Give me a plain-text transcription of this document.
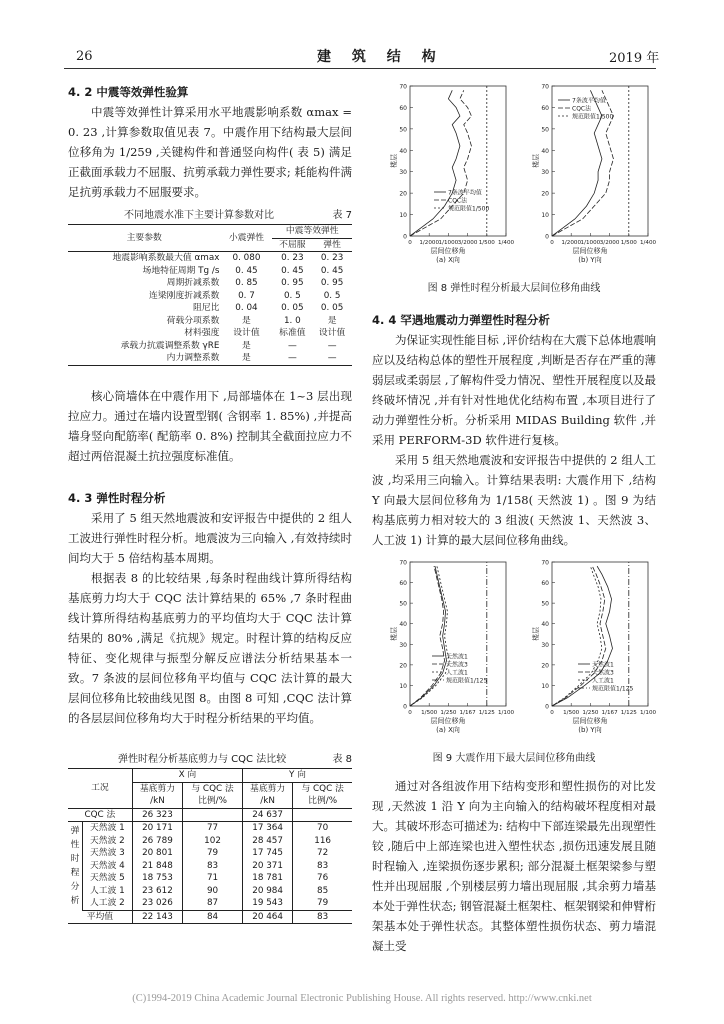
26	建 筑 结 构	2019 年
4. 2 中震等效弹性验算

中震等效弹性计算采用水平地震影响系数 αmax = 0. 23 ,计算参数取值见表 7。中震作用下结构最大层间位移角为 1/259 ,关键构件和普通竖向构件( 表 5) 满足正截面承载力不屈服、抗剪承载力弹性要求; 耗能构件满足抗剪承载力不屈服要求。

不同地震水准下主要计算参数对比	表 7
主要参数	小震弹性	中震等效弹性	
		不屈服	弹性
地震影响系数最大值 αmax	0. 080	0. 23	0. 23
场地特征周期 Tg /s	0. 45	0. 45	0. 45
周期折减系数	0. 85	0. 95	0. 95
连梁刚度折减系数	0. 7	0. 5	0. 5
阻尼比	0. 04	0. 05	0. 05
荷载分项系数	是	1. 0	是
材料强度	设计值	标准值	设计值
承载力抗震调整系数 γRE	是	—	—
内力调整系数	是	—	—

核心筒墙体在中震作用下 ,局部墙体在 1~3 层出现拉应力。通过在墙内设置型钢( 含钢率 1. 85%) ,并提高墙身竖向配筋率( 配筋率 0. 8%) 控制其全截面拉应力不超过两倍混凝土抗拉强度标准值。

4. 3 弹性时程分析

采用了 5 组天然地震波和安评报告中提供的 2 组人工波进行弹性时程分析。地震波为三向输入 ,有效持续时间均大于 5 倍结构基本周期。

根据表 8 的比较结果 ,每条时程曲线计算所得结构基底剪力均大于 CQC 法计算结果的 65% ,7 条时程曲线计算所得结构基底剪力的平均值均大于 CQC 法计算结果的 80% ,满足《抗规》规定。时程计算的结构反应特征、变化规律与振型分解反应谱法分析结果基本一致。7 条波的层间位移角平均值与 CQC 法计算的最大层间位移角比较曲线见图 8。由图 8 可知 ,CQC 法计算的各层层间位移角均大于时程分析结果的平均值。

弹性时程分析基底剪力与 CQC 法比较	表 8
工况		X 向		Y 向	
		基底剪力	与 CQC 法	基底剪力	与 CQC 法
		/kN	比例/%	/kN	比例/%
CQC 法		26 323		24 637	
弹性时程分析	天然波 1	20 171	77	17 364	70
	天然波 2	26 789	102	28 457	116
	天然波 3	20 801	79	17 745	72
	天然波 4	21 848	83	20 371	83
	天然波 5	18 753	71	18 781	76
	人工波 1	23 612	90	20 984	85
	人工波 2	23 026	87	19 543	79
平均值		22 143	84	20 464	83
0
10
20
30
40
50
60
70
0 1/2000 1/1000 3/2000 1/500 1/400
楼层
层间位移角
(a) X向
7条波平均值
CQC法
规范限值1/500
0
10
20
30
40
50
60
70
0 1/2000 1/1000 3/2000 1/500 1/400
楼层
层间位移角
(b) Y向
7条波平均值
CQC法
规范限值1/500
图 8 弹性时程分析最大层间位移角曲线
4. 4 罕遇地震动力弹塑性时程分析

为保证实现性能目标 ,评价结构在大震下总体地震响应以及结构总体的塑性开展程度 ,判断是否存在严重的薄弱层或柔弱层 ,了解构件受力情况、塑性开展程度以及最终破坏情况 ,并有针对性地优化结构布置 ,本项目进行了动力弹塑性分析。分析采用 MIDAS Building 软件 ,并采用 PERFORM-3D 软件进行复核。

采用 5 组天然地震波和安评报告中提供的 2 组人工波 ,均采用三向输入。计算结果表明: 大震作用下 ,结构 Y 向最大层间位移角为 1/158( 天然波 1) 。图 9 为结构基底剪力相对较大的 3 组波( 天然波 1、天然波 3、人工波 1) 计算的最大层间位移角曲线。

0
10
20
30
40
50
60
70
0 1/500 1/250 1/167 1/125 1/100
楼层
层间位移角
(a) X向
天然波1
天然波3
人工波1
规范限值1/125
0
10
20
30
40
50
60
70
0 1/500 1/250 1/167 1/125 1/100
楼层
层间位移角
(b) Y向
天然波1
天然波3
人工波1
规范限值1/125
图 9 大震作用下最大层间位移角曲线

通过对各组波作用下结构变形和塑性损伤的对比发现 ,天然波 1 沿 Y 向为主向输入的结构破坏程度相对最大。其破坏形态可描述为: 结构中下部连梁最先出现塑性铰 ,随后中上部连梁也进入塑性状态 ,损伤迅速发展且随时程输入 ,连梁损伤逐步累积; 部分混凝土框架梁参与塑性并出现屈服 ,个别楼层剪力墙出现屈服 ,其余剪力墙基本处于弹性状态; 钢管混凝土框架柱、框架钢梁和伸臂桁架基本处于弹性状态。其整体塑性损伤状态、剪力墙混凝土受

(C)1994-2019 China Academic Journal Electronic Publishing House. All rights reserved. http://www.cnki.net
